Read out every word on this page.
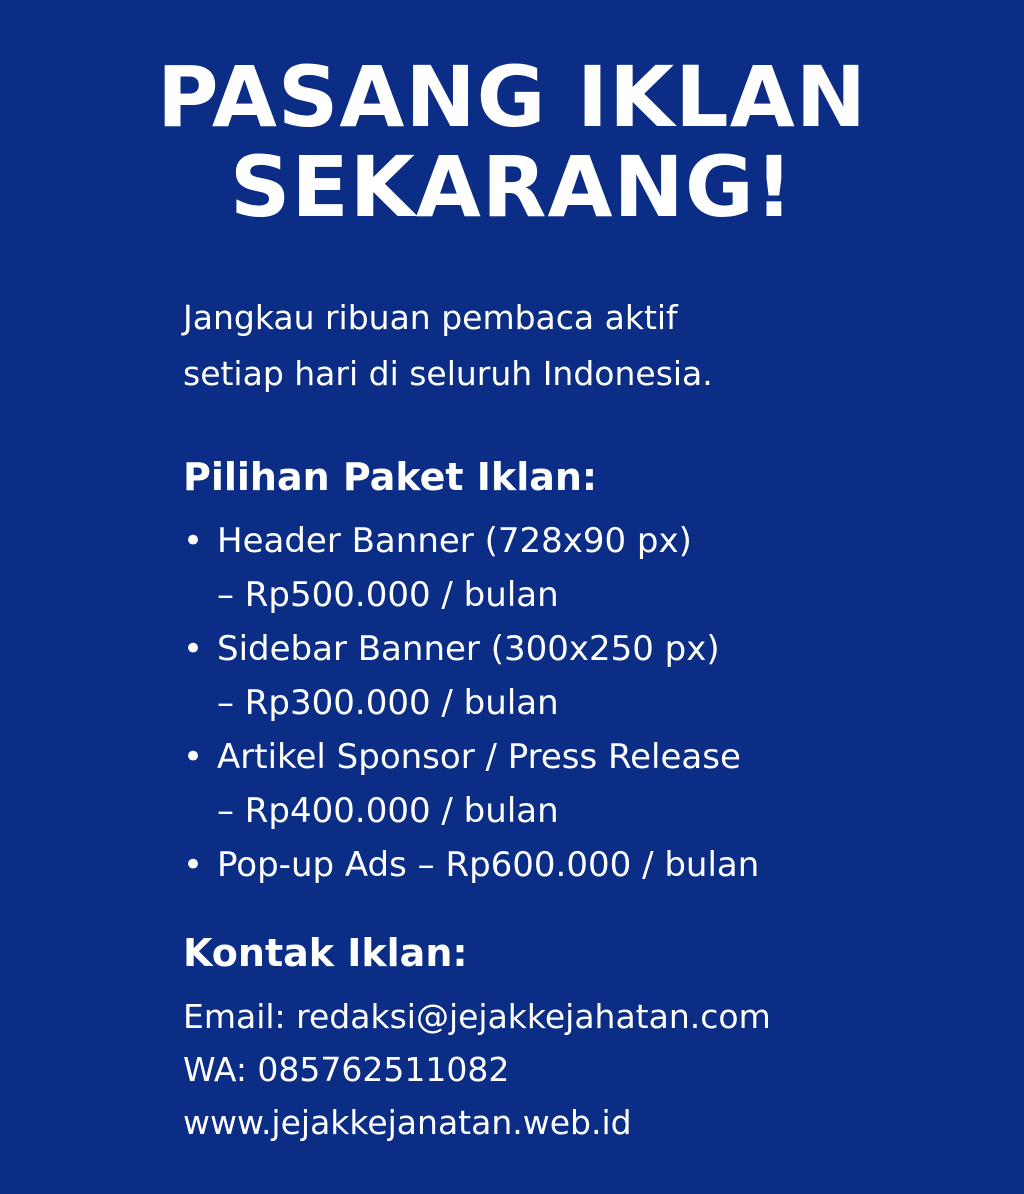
PASANG IKLAN
SEKARANG!

Jangkau ribuan pembaca aktif
setiap hari di seluruh Indonesia.

Pilihan Paket Iklan:
• Header Banner (728x90 px)
– Rp500.000 / bulan
• Sidebar Banner (300x250 px)
– Rp300.000 / bulan
• Artikel Sponsor / Press Release
– Rp400.000 / bulan
• Pop-up Ads – Rp600.000 / bulan
Kontak Iklan:
Email: redaksi@jejakkejahatan.com
WA: 085762511082
www.jejakkejanatan.web.id
